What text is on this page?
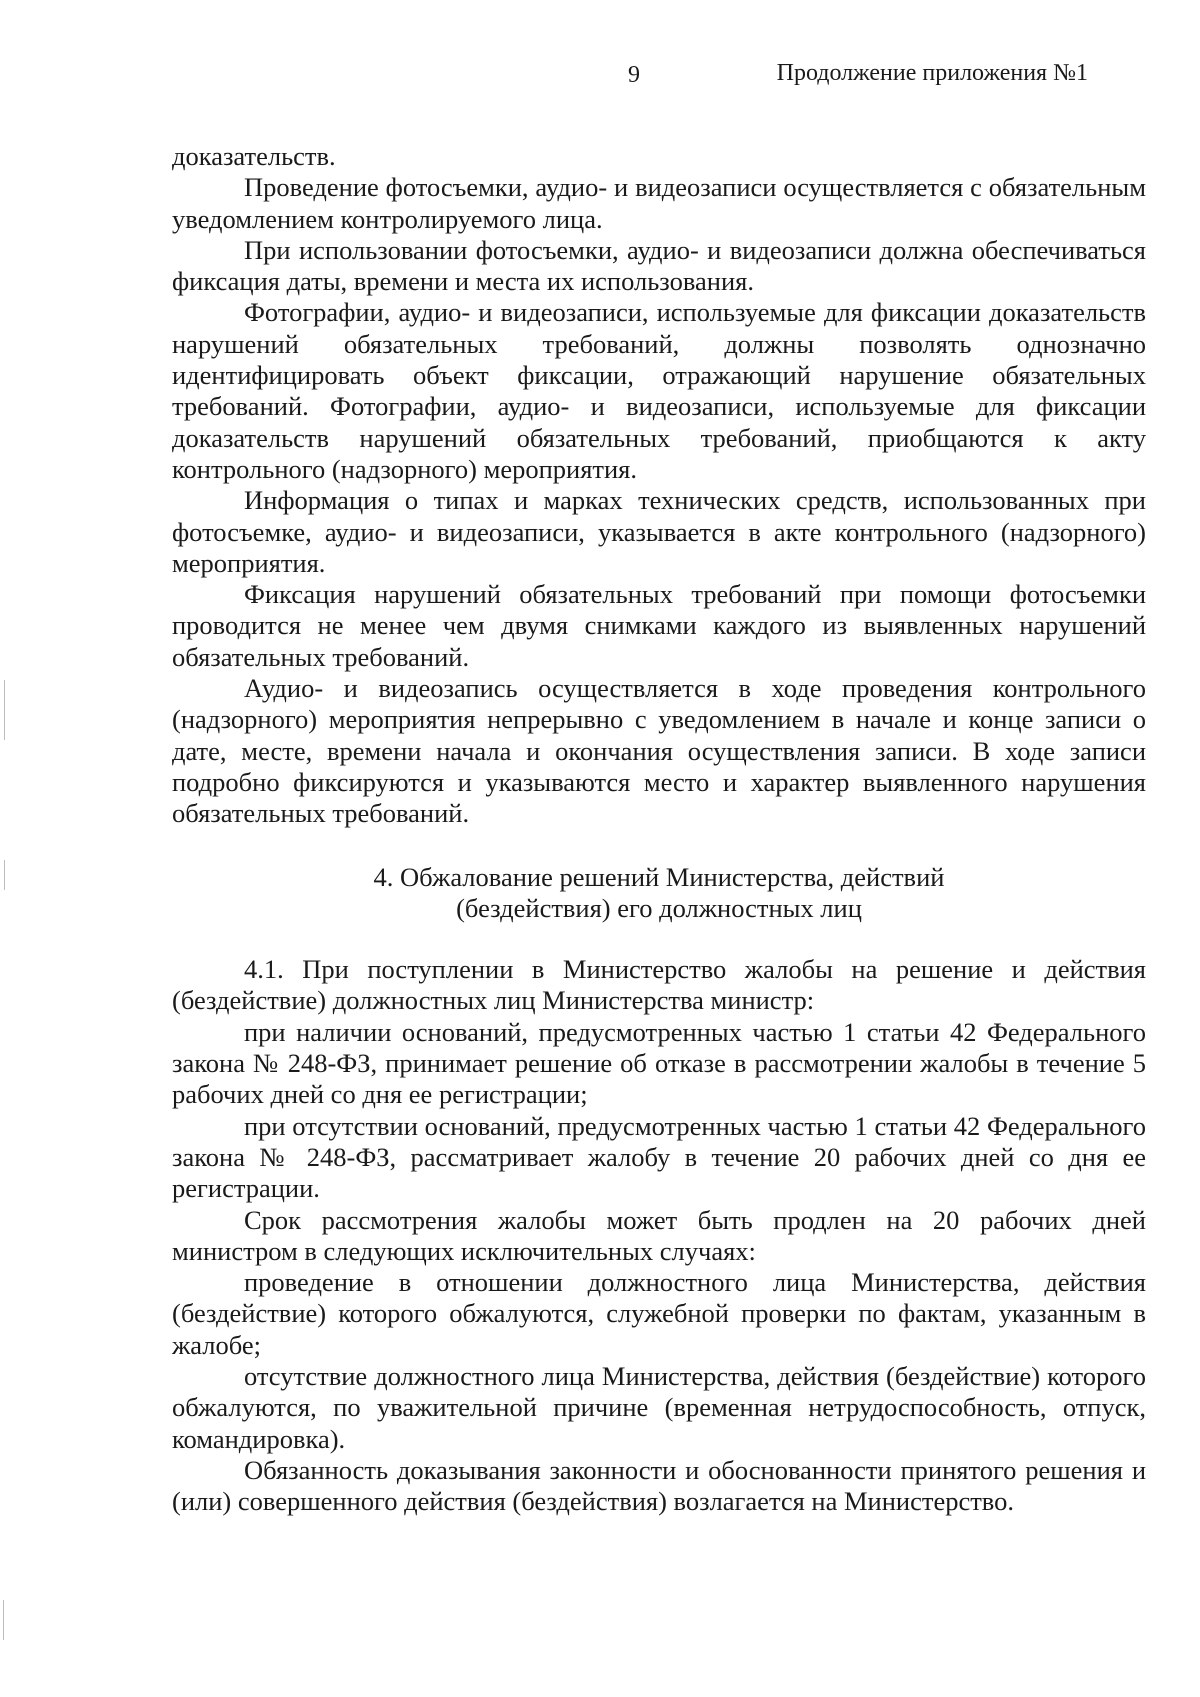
9	Продолжение приложения №1

доказательств.

Проведение фотосъемки, аудио- и видеозаписи осуществляется с обязательным уведомлением контролируемого лица.

При использовании фотосъемки, аудио- и видеозаписи должна обеспечиваться фиксация даты, времени и места их использования.

Фотографии, аудио- и видеозаписи, используемые для фиксации доказательств нарушений обязательных требований, должны позволять однозначно идентифицировать объект фиксации, отражающий нарушение обязательных требований. Фотографии, аудио- и видеозаписи, используемые для фиксации доказательств нарушений обязательных требований, приобщаются к акту контрольного (надзорного) мероприятия.

Информация о типах и марках технических средств, использованных при фотосъемке, аудио- и видеозаписи, указывается в акте контрольного (надзорного) мероприятия.

Фиксация нарушений обязательных требований при помощи фотосъемки проводится не менее чем двумя снимками каждого из выявленных нарушений обязательных требований.

Аудио- и видеозапись осуществляется в ходе проведения контрольного (надзорного) мероприятия непрерывно с уведомлением в начале и конце записи о дате, месте, времени начала и окончания осуществления записи. В ходе записи подробно фиксируются и указываются место и характер выявленного нарушения обязательных требований.

4. Обжалование решений Министерства, действий
(бездействия) его должностных лиц

4.1. При поступлении в Министерство жалобы на решение и действия (бездействие) должностных лиц Министерства министр:

при наличии оснований, предусмотренных частью 1 статьи 42 Федерального закона № 248-ФЗ, принимает решение об отказе в рассмотрении жалобы в течение 5 рабочих дней со дня ее регистрации;

при отсутствии оснований, предусмотренных частью 1 статьи 42 Федерального закона № 248-ФЗ, рассматривает жалобу в течение 20 рабочих дней со дня ее регистрации.

Срок рассмотрения жалобы может быть продлен на 20 рабочих дней министром в следующих исключительных случаях:

проведение в отношении должностного лица Министерства, действия (бездействие) которого обжалуются, служебной проверки по фактам, указанным в жалобе;

отсутствие должностного лица Министерства, действия (бездействие) которого обжалуются, по уважительной причине (временная нетрудоспособность, отпуск, командировка).

Обязанность доказывания законности и обоснованности принятого решения и (или) совершенного действия (бездействия) возлагается на Министерство.
